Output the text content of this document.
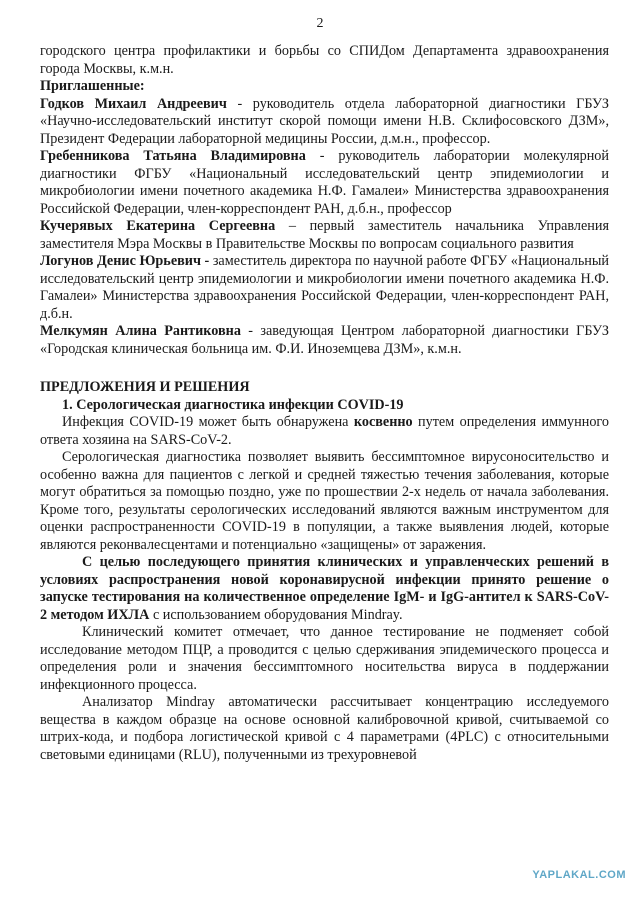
2

городского центра профилактики и борьбы со СПИДом Департамента здравоохранения города Москвы, к.м.н.

Приглашенные:

Годков Михаил Андреевич - руководитель отдела лабораторной диагностики ГБУЗ «Научно-исследовательский институт скорой помощи имени Н.В. Склифосовского ДЗМ», Президент Федерации лабораторной медицины России, д.м.н., профессор.

Гребенникова Татьяна Владимировна - руководитель лаборатории молекулярной диагностики ФГБУ «Национальный исследовательский центр эпидемиологии и микробиологии имени почетного академика Н.Ф. Гамалеи» Министерства здравоохранения Российской Федерации, член-корреспондент РАН, д.б.н., профессор

Кучерявых Екатерина Сергеевна – первый заместитель начальника Управления заместителя Мэра Москвы в Правительстве Москвы по вопросам социального развития

Логунов Денис Юрьевич - заместитель директора по научной работе ФГБУ «Национальный исследовательский центр эпидемиологии и микробиологии имени почетного академика Н.Ф. Гамалеи» Министерства здравоохранения Российской Федерации, член-корреспондент РАН, д.б.н.

Мелкумян Алина Рантиковна - заведующая Центром лабораторной диагностики ГБУЗ «Городская клиническая больница им. Ф.И. Иноземцева ДЗМ», к.м.н.

ПРЕДЛОЖЕНИЯ И РЕШЕНИЯ
1. Серологическая диагностика инфекции COVID-19

Инфекция COVID-19 может быть обнаружена косвенно путем определения иммунного ответа хозяина на SARS-CoV-2.

Серологическая диагностика позволяет выявить бессимптомное вирусоносительство и особенно важна для пациентов с легкой и средней тяжестью течения заболевания, которые могут обратиться за помощью поздно, уже по прошествии 2-х недель от начала заболевания. Кроме того, результаты серологических исследований являются важным инструментом для оценки распространенности COVID-19 в популяции, а также выявления людей, которые являются реконвалесцентами и потенциально «защищены» от заражения.

С целью последующего принятия клинических и управленческих решений в условиях распространения новой коронавирусной инфекции принято решение о запуске тестирования на количественное определение IgM- и IgG-антител к SARS-CoV-2 методом ИХЛА с использованием оборудования Mindray.

Клинический комитет отмечает, что данное тестирование не подменяет собой исследование методом ПЦР, а проводится с целью сдерживания эпидемического процесса и определения роли и значения бессимптомного носительства вируса в поддержании инфекционного процесса.

Анализатор Mindray автоматически рассчитывает концентрацию исследуемого вещества в каждом образце на основе основной калибровочной кривой, считываемой со штрих-кода, и подбора логистической кривой с 4 параметрами (4PLC) с относительными световыми единицами (RLU), полученными из трехуровневой

YAPLAKAL.COM
